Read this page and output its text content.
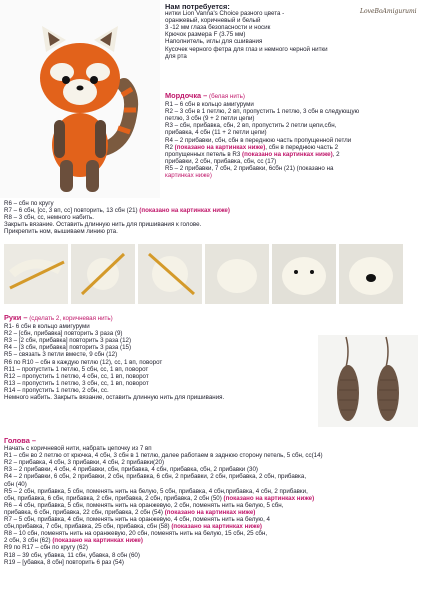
Нам потребуется:

нитки Lion Vanna's Choice разного цвета -

оранжевый, коричневый и белый

3 -12 мм глаза безопасности и носик

Крючок размера F (3.75 мм)

Наполнитель, иглы для сшивания

Кусочек черного фетра для глаз и немного черной нитки

для рта

LoveBoAmigurumi

Мордочка – (белая нить)

R1 – 6 сбн в кольцо амигуруми

R2 – 3 сбн в 1 петлю, 2 вп, пропустить 1 петлю, 3 сбн в следующую

петлю, 3 сбн (9 + 2 петли цепи)

R3 – сбн, прибавка, сбн, 2 вп, пропустить 2 петли цепи,сбн,

прибавка, 4 сбн (11 + 2 петли цепи)

R4 – 2 прибавки, сбн, сбн в переднюю часть пропущенной петли

R2 (показано на картинках ниже), сбн в переднюю часть 2

пропущенных петель в R3 (показано на картинках ниже), 2

прибавки, 2 сбн, прибавка, сбн, сс (17)

R5 – 2 прибавки, 7 сбн, 2 прибавки, 6сбн (21) (показано на

картинках ниже)

R6 – сбн по кругу

R7 – 6 сбн, [сс, 3 вп, сс] повторить, 13 сбн (21) (показано на картинках ниже)

R8 – 3 сбн, сс, немного набить.

Закрыть вязание. Оставить длинную нить для пришивания к голове.

Прикрепить ном, вышиваем линию рта.

Руки – (сделать 2, коричневая нить)

R1- 6 сбн в кольцо амигуруми

R2 – [сбн, прибавка] повторить 3 раза (9)

R3 – [2 сбн, прибавка] повторить 3 раза (12)

R4 – [3 сбн, прибавка] повторить 3 раза (15)

R5 – связать 3 петли вместе, 9 сбн (12)

R6 по R10 – сбн в каждую петлю (12), сс, 1 вп, поворот

R11 – пропустить 1 петлю, 5 сбн, сс, 1 вп, поворот

R12 – пропустить 1 петлю, 4 сбн, сс, 1 вп, поворот

R13 – пропустить 1 петлю, 3 сбн, сс, 1 вп, поворот

R14 – пропустить 1 петлю, 2 сбн, сс.

Немного набить. Закрыть вязание, оставить длинную нить для пришивания.

Голова –

Начать с коричневой нити, набрать цепочку из 7 вп

R1 – сбн во 2 петлю от крючка, 4 сбн, 3 сбн в 1 петлю, далее работаем в заднюю сторону петель, 5 сбн, сс(14)

R2 – прибавка, 4 сбн, 3 прибавки, 4 сбн, 2 прибавки(20)

R3 – 2 прибавки, 4 сбн, 4 прибавки, сбн, прибавка, 4 сбн, прибавка, сбн, 2 прибавки (30)

R4 – 2 прибавки, 6 сбн, 2 прибавки, 2 сбн, прибавка, 6 сбн, 2 прибавки, 2 сбн, прибавка, 2 сбн, прибавка,

сбн (40)

R5 – 2 сбн, прибавка, 5 сбн, поменять нить на белую, 5 сбн, прибавка, 4 сбн,прибавка, 4 сбн, 2 прибавки,

сбн, прибавка, 6 сбн, прибавка, 2 сбн, прибавка, 2 сбн, прибавка, 2 сбн (50) (показано на картинках ниже)

R6 – 4 сбн, прибавка, 5 сбн, поменять нить на оранжевую, 2 сбн, поменять нить на белую, 5 сбн,

прибавка, 6 сбн, прибавка, 22 сбн, прибавка, 2 сбн (54) (показано на картинках ниже)

R7 – 5 сбн, прибавка, 4 сбн, поменять нить на оранжевую, 4 сбн, поменять нить на белую, 4

сбн,прибавка, 7 сбн, прибавка, 25 сбн, прибавка, сбн (58) (показано на картинках ниже)

R8 – 10 сбн, поменять нить на оранжевую, 20 сбн, поменять нить на белую, 15 сбн, 25 сбн,

2 сбн, 3 сбн (62) (показано на картинках ниже)

R9 по R17 – сбн по кругу (62)

R18 – 39 сбн, убавка, 11 сбн, убавка, 8 сбн (60)

R19 – [убавка, 8 сбн] повторить 6 раз (54)
